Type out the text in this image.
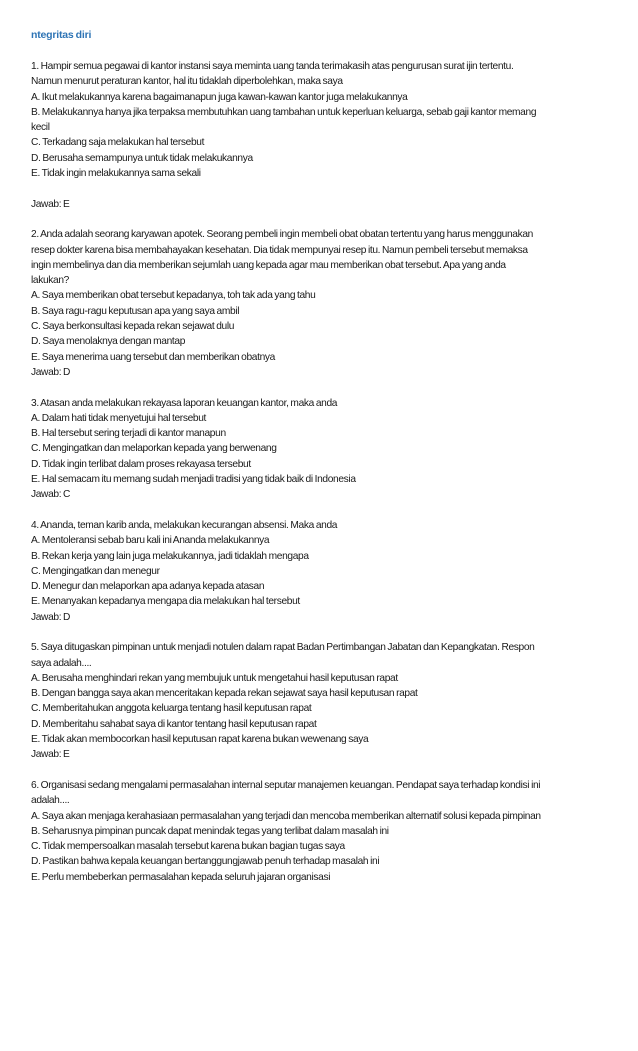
ntegritas diri
1. Hampir semua pegawai di kantor instansi saya meminta uang tanda terimakasih atas pengurusan surat ijin tertentu.
Namun menurut peraturan kantor, hal itu tidaklah diperbolehkan, maka saya
A. Ikut melakukannya karena bagaimanapun juga kawan-kawan kantor juga melakukannya
B. Melakukannya hanya jika terpaksa membutuhkan uang tambahan untuk keperluan keluarga, sebab gaji kantor memang
kecil
C. Terkadang saja melakukan hal tersebut
D. Berusaha semampunya untuk tidak melakukannya
E. Tidak ingin melakukannya sama sekali
Jawab: E
2. Anda adalah seorang karyawan apotek. Seorang pembeli ingin membeli obat obatan tertentu yang harus menggunakan
resep dokter karena bisa membahayakan kesehatan. Dia tidak mempunyai resep itu. Namun pembeli tersebut memaksa
ingin membelinya dan dia memberikan sejumlah uang kepada agar mau memberikan obat tersebut. Apa yang anda
lakukan?
A. Saya memberikan obat tersebut kepadanya, toh tak ada yang tahu
B. Saya ragu-ragu keputusan apa yang saya ambil
C. Saya berkonsultasi kepada rekan sejawat dulu
D. Saya menolaknya dengan mantap
E. Saya menerima uang tersebut dan memberikan obatnya
Jawab: D
3. Atasan anda melakukan rekayasa laporan keuangan kantor, maka anda
A. Dalam hati tidak menyetujui hal tersebut
B. Hal tersebut sering terjadi di kantor manapun
C. Mengingatkan dan melaporkan kepada yang berwenang
D. Tidak ingin terlibat dalam proses rekayasa tersebut
E. Hal semacam itu memang sudah menjadi tradisi yang tidak baik di Indonesia
Jawab: C
4. Ananda, teman karib anda, melakukan kecurangan absensi. Maka anda
A. Mentoleransi sebab baru kali ini Ananda melakukannya
B. Rekan kerja yang lain juga melakukannya, jadi tidaklah mengapa
C. Mengingatkan dan menegur
D. Menegur dan melaporkan apa adanya kepada atasan
E. Menanyakan kepadanya mengapa dia melakukan hal tersebut
Jawab: D
5. Saya ditugaskan pimpinan untuk menjadi notulen dalam rapat Badan Pertimbangan Jabatan dan Kepangkatan. Respon
saya adalah....
A. Berusaha menghindari rekan yang membujuk untuk mengetahui hasil keputusan rapat
B. Dengan bangga saya akan menceritakan kepada rekan sejawat saya hasil keputusan rapat
C. Memberitahukan anggota keluarga tentang hasil keputusan rapat
D. Memberitahu sahabat saya di kantor tentang hasil keputusan rapat
E. Tidak akan membocorkan hasil keputusan rapat karena bukan wewenang saya
Jawab: E
6. Organisasi sedang mengalami permasalahan internal seputar manajemen keuangan. Pendapat saya terhadap kondisi ini
adalah....
A. Saya akan menjaga kerahasiaan permasalahan yang terjadi dan mencoba memberikan alternatif solusi kepada pimpinan
B. Seharusnya pimpinan puncak dapat menindak tegas yang terlibat dalam masalah ini
C. Tidak mempersoalkan masalah tersebut karena bukan bagian tugas saya
D. Pastikan bahwa kepala keuangan bertanggungjawab penuh terhadap masalah ini
E. Perlu membeberkan permasalahan kepada seluruh jajaran organisasi
